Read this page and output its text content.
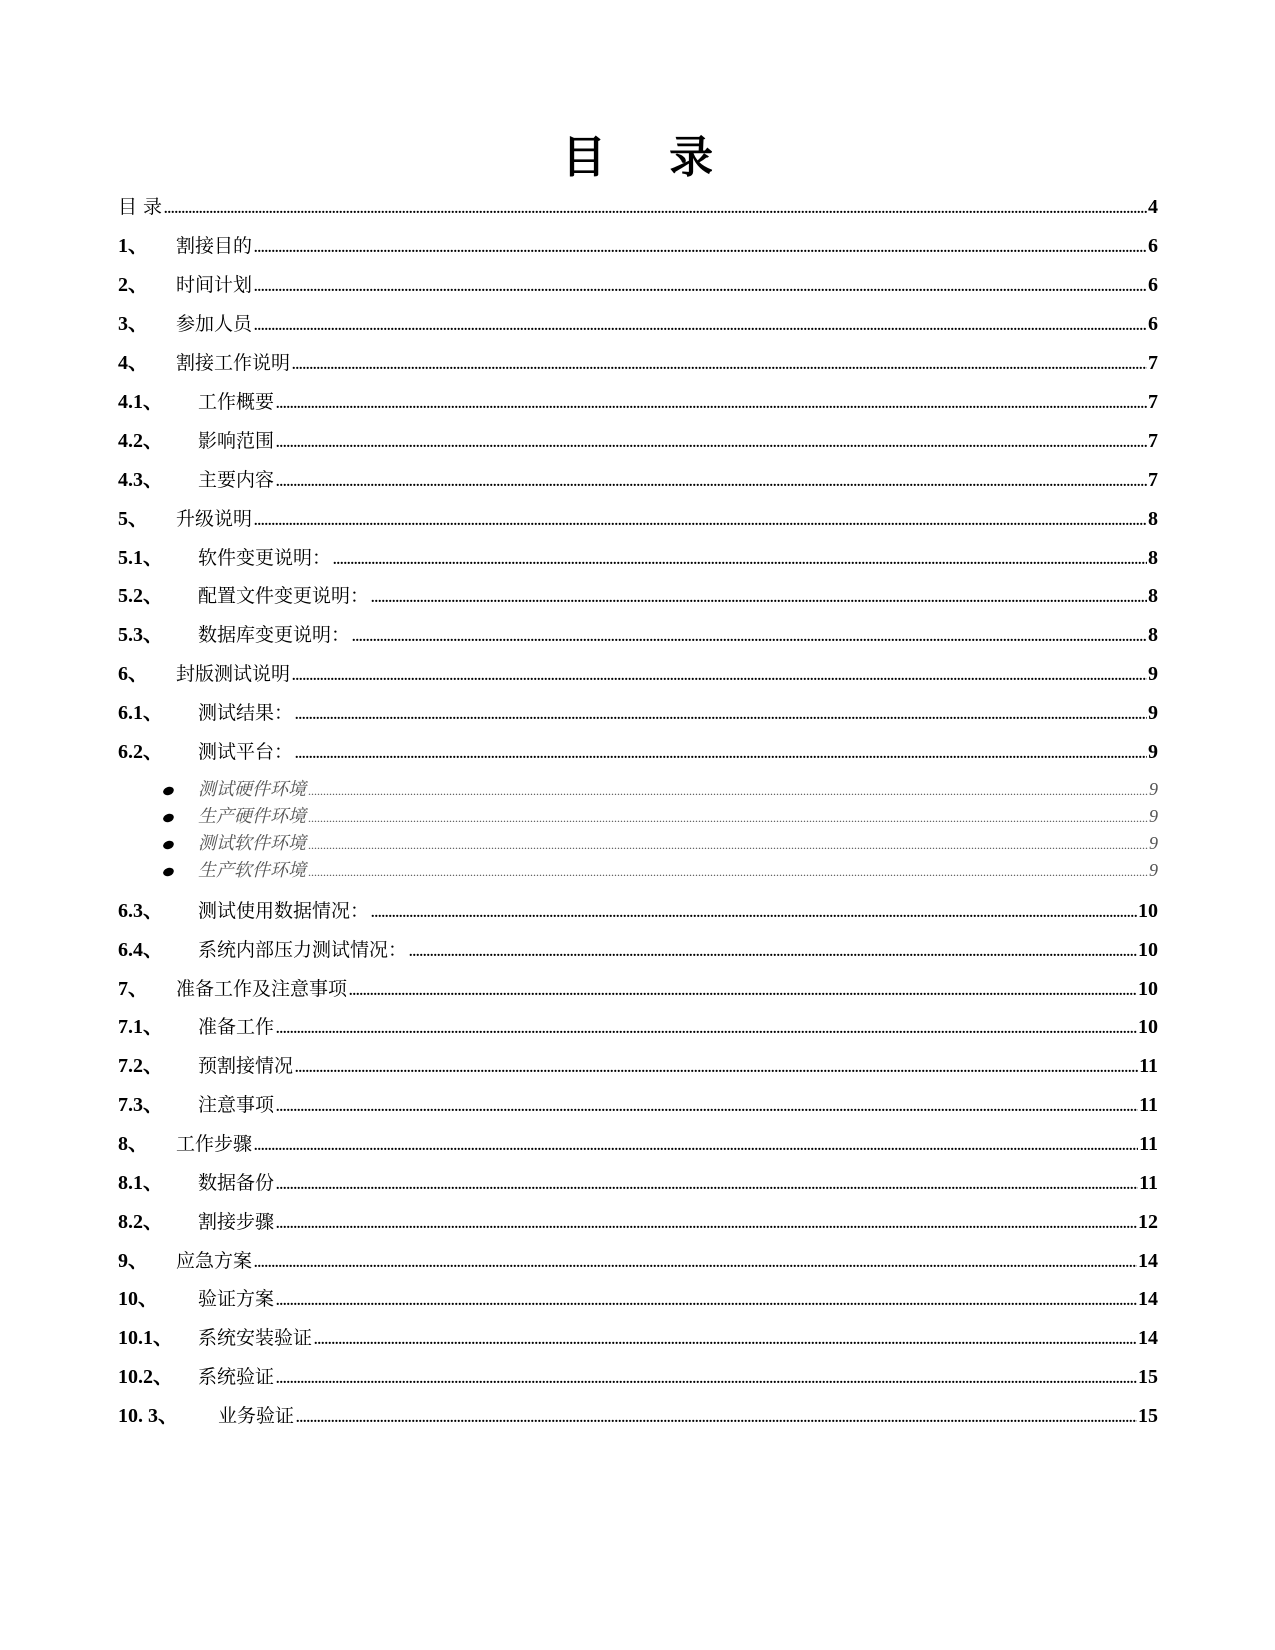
目 录
目 录 .....	4
1、	割接目的 .....	6
2、	时间计划 .....	6
3、	参加人员 .....	6
4、	割接工作说明 .....	7
4.1、	工作概要 .....	7
4.2、	影响范围 .....	7
4.3、	主要内容 .....	7
5、	升级说明 .....	8
5.1、	软件变更说明： .....	8
5.2、	配置文件变更说明： .....	8
5.3、	数据库变更说明： .....	8
6、	封版测试说明 .....	9
6.1、	测试结果： .....	9
6.2、	测试平台： .....	9
测试硬件环境 .....	9
生产硬件环境 .....	9
测试软件环境 .....	9
生产软件环境 .....	9
6.3、	测试使用数据情况： .....	10
6.4、	系统内部压力测试情况： .....	10
7、	准备工作及注意事项 .....	10
7.1、	准备工作 .....	10
7.2、	预割接情况 .....	11
7.3、	注意事项 .....	11
8、	工作步骤 .....	11
8.1、	数据备份 .....	11
8.2、	割接步骤 .....	12
9、	应急方案 .....	14
10、	验证方案 .....	14
10.1、	系统安装验证 .....	14
10.2、	系统验证 .....	15
10. 3、	业务验证 .....	15
